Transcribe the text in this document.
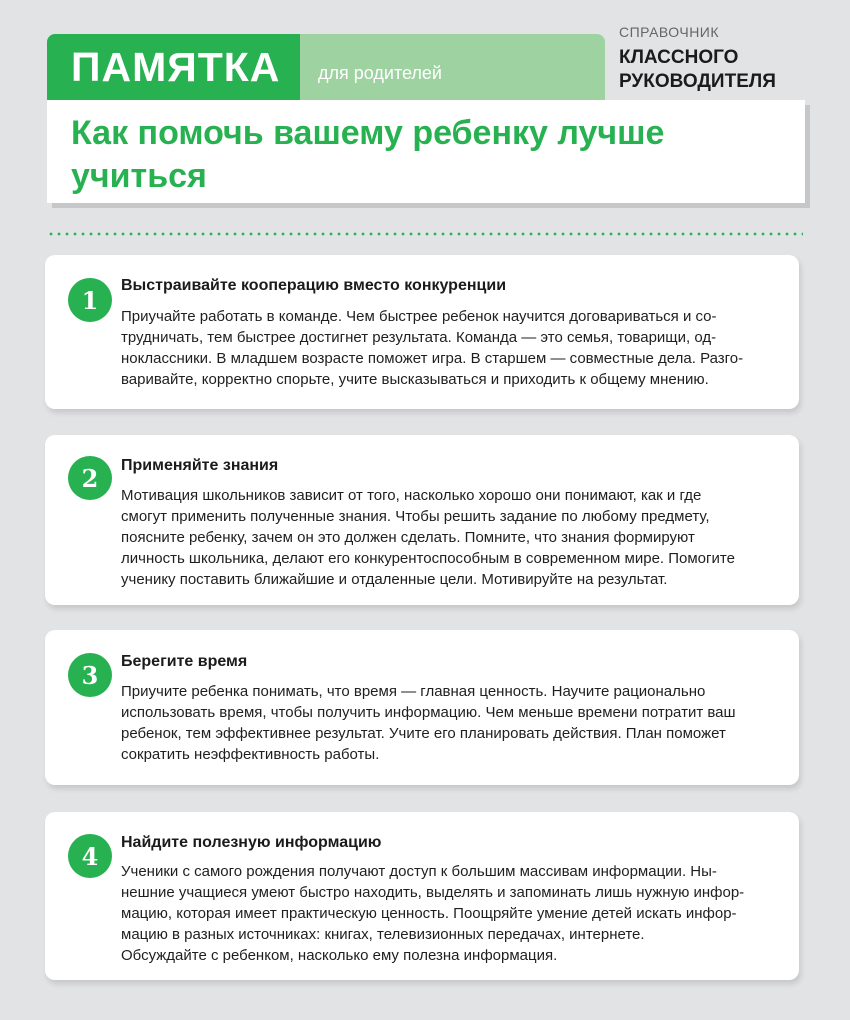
ПАМЯТКА для родителей
СПРАВОЧНИК
КЛАССНОГО
РУКОВОДИТЕЛЯ
Как помочь вашему ребенку лучше
учиться
1	Выстраивайте кооперацию вместо конкуренции
Приучайте работать в команде. Чем быстрее ребенок научится договариваться и со-
трудничать, тем быстрее достигнет результата. Команда — это семья, товарищи, од-
ноклассники. В младшем возрасте поможет игра. В старшем — совместные дела. Разго-
варивайте, корректно спорьте, учите высказываться и приходить к общему мнению.
2	Применяйте знания
Мотивация школьников зависит от того, насколько хорошо они понимают, как и где
смогут применить полученные знания. Чтобы решить задание по любому предмету,
поясните ребенку, зачем он это должен сделать. Помните, что знания формируют
личность школьника, делают его конкурентоспособным в современном мире. Помогите
ученику поставить ближайшие и отдаленные цели. Мотивируйте на результат.
3	Берегите время
Приучите ребенка понимать, что время — главная ценность. Научите рационально
использовать время, чтобы получить информацию. Чем меньше времени потратит ваш
ребенок, тем эффективнее результат. Учите его планировать действия. План поможет
сократить неэффективность работы.
4	Найдите полезную информацию
Ученики с самого рождения получают доступ к большим массивам информации. Ны-
нешние учащиеся умеют быстро находить, выделять и запоминать лишь нужную инфор-
мацию, которая имеет практическую ценность. Поощряйте умение детей искать инфор-
мацию в разных источниках: книгах, телевизионных передачах, интернете.
Обсуждайте с ребенком, насколько ему полезна информация.
